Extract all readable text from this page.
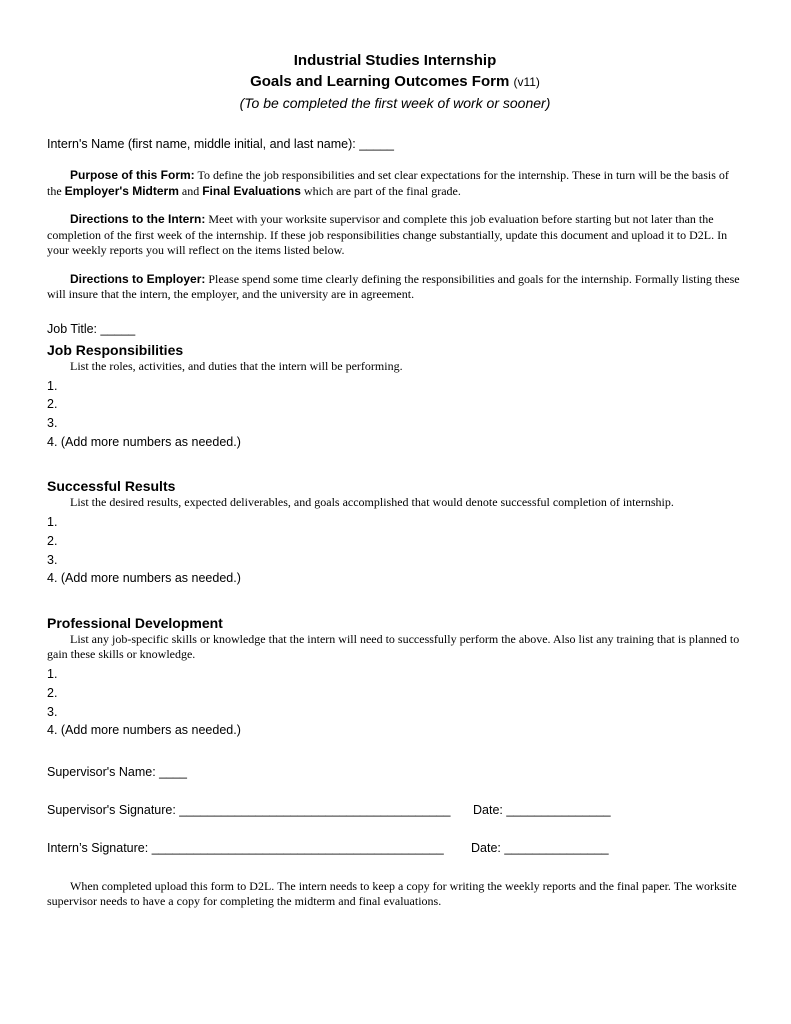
Industrial Studies Internship
Goals and Learning Outcomes Form (v11)
(To be completed the first week of work or sooner)
Intern's Name (first name, middle initial, and last name): _____

Purpose of this Form: To define the job responsibilities and set clear expectations for the internship. These in turn will be the basis of the Employer's Midterm and Final Evaluations which are part of the final grade.

Directions to the Intern: Meet with your worksite supervisor and complete this job evaluation before starting but not later than the completion of the first week of the internship. If these job responsibilities change substantially, update this document and upload it to D2L. In your weekly reports you will reflect on the items listed below.

Directions to Employer: Please spend some time clearly defining the responsibilities and goals for the internship. Formally listing these will insure that the intern, the employer, and the university are in agreement.

Job Title: _____
Job Responsibilities

List the roles, activities, and duties that the intern will be performing.

1.
2.
3.
4. (Add more numbers as needed.)
Successful Results

List the desired results, expected deliverables, and goals accomplished that would denote successful completion of internship.

1.
2.
3.
4. (Add more numbers as needed.)
Professional Development

List any job-specific skills or knowledge that the intern will need to successfully perform the above. Also list any training that is planned to gain these skills or knowledge.

1.
2.
3.
4. (Add more numbers as needed.)
Supervisor's Name: ____
Supervisor's Signature: _______________________________________ Date: _______________
Intern’s Signature: __________________________________________ Date: _______________

When completed upload this form to D2L. The intern needs to keep a copy for writing the weekly reports and the final paper. The worksite supervisor needs to have a copy for completing the midterm and final evaluations.
